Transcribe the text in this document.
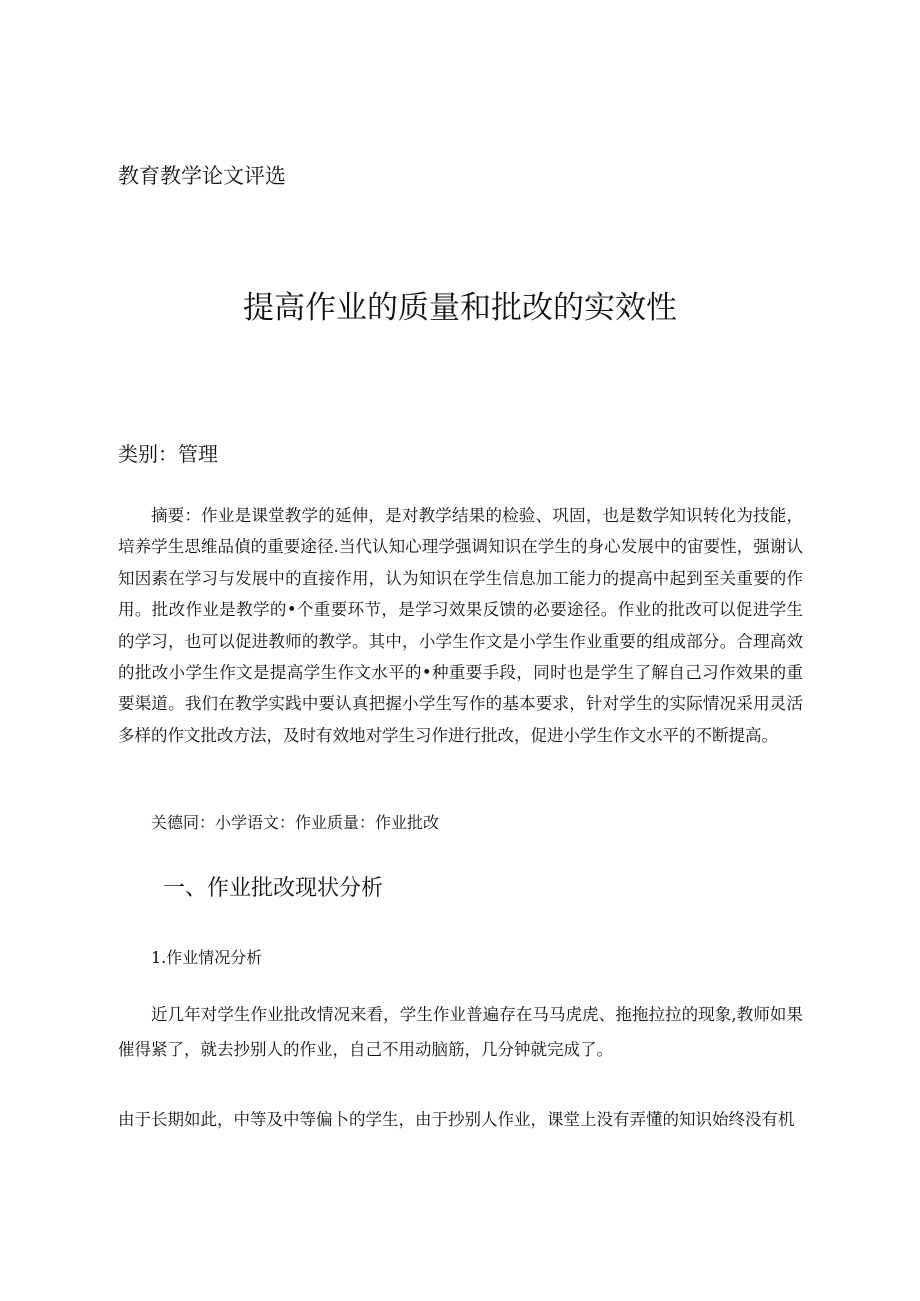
教育教学论文评选
提高作业的质量和批改的实效性
类别：管理

摘要：作业是课堂教学的延伸，是对教学结果的检验、巩固，也是数学知识转化为技能，培养学生思维品偵的重要途径.当代认知心理学强调知识在学生的身心发展中的宙要性，强谢认知因素在学习与发展中的直接作用，认为知识在学生信息加工能力的提高中起到至关重要的作用。批改作业是教学的•个重要环节，是学习效果反馈的必要途径。作业的批改可以促进学生的学习，也可以促进教师的教学。其中，小学生作文是小学生作业重要的组成部分。合理高效的批改小学生作文是提高学生作文水平的•种重要手段，同时也是学生了解自己习作效果的重要渠道。我们在教学实践中要认真把握小学生写作的基本要求，针对学生的实际情况采用灵活多样的作文批改方法，及时有效地对学生习作进行批改，促进小学生作文水平的不断提高。

关德同：小学语文：作业质量：作业批改
一、作业批改现状分析
1.作业情况分析

近几年对学生作业批改情况来看，学生作业普遍存在马马虎虎、拖拖拉拉的现象,教师如果催得紧了，就去抄别人的作业，自己不用动脑筋，几分钟就完成了。

由于长期如此，中等及中等偏卜的学生，由于抄别人作业，课堂上没有弄懂的知识始终没有机
